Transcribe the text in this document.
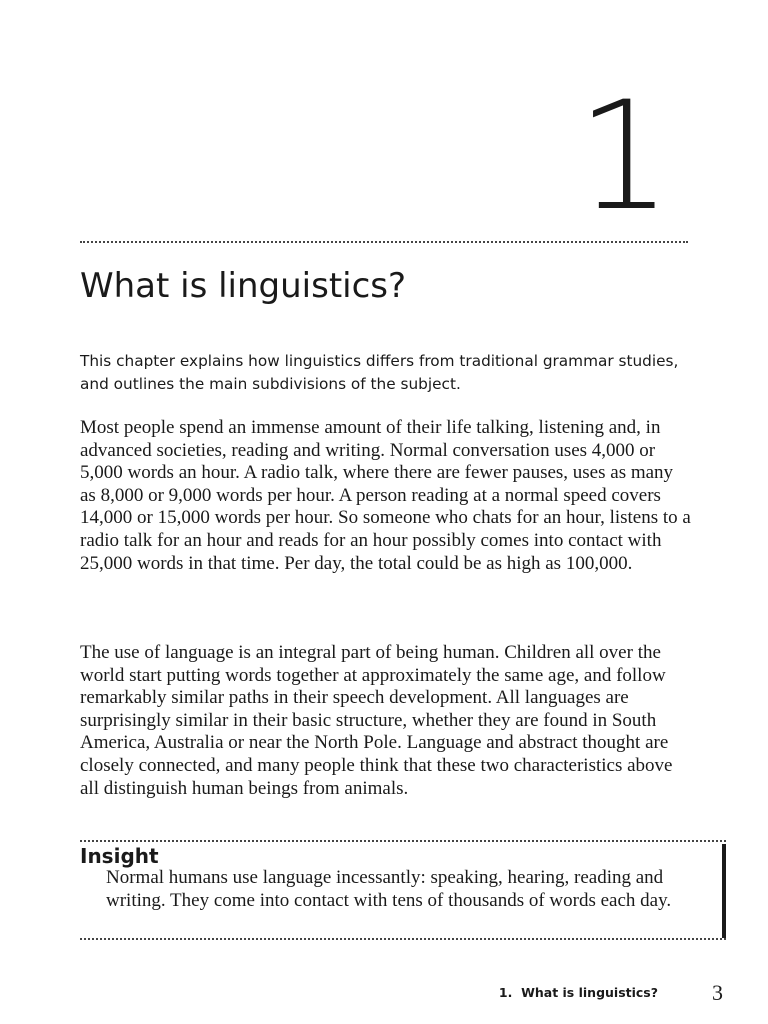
1
What is linguistics?

This chapter explains how linguistics differs from traditional grammar studies, and outlines the main subdivisions of the subject.

Most people spend an immense amount of their life talking, listening and, in advanced societies, reading and writing. Normal conversation uses 4,000 or 5,000 words an hour. A radio talk, where there are fewer pauses, uses as many as 8,000 or 9,000 words per hour. A person reading at a normal speed covers 14,000 or 15,000 words per hour. So someone who chats for an hour, listens to a radio talk for an hour and reads for an hour possibly comes into contact with 25,000 words in that time. Per day, the total could be as high as 100,000.

The use of language is an integral part of being human. Children all over the world start putting words together at approximately the same age, and follow remarkably similar paths in their speech development. All languages are surprisingly similar in their basic structure, whether they are found in South America, Australia or near the North Pole. Language and abstract thought are closely connected, and many people think that these two characteristics above all distinguish human beings from animals.

Insight

Normal humans use language incessantly: speaking, hearing, reading and writing. They come into contact with tens of thousands of words each day.

1.  What is linguistics? 3
